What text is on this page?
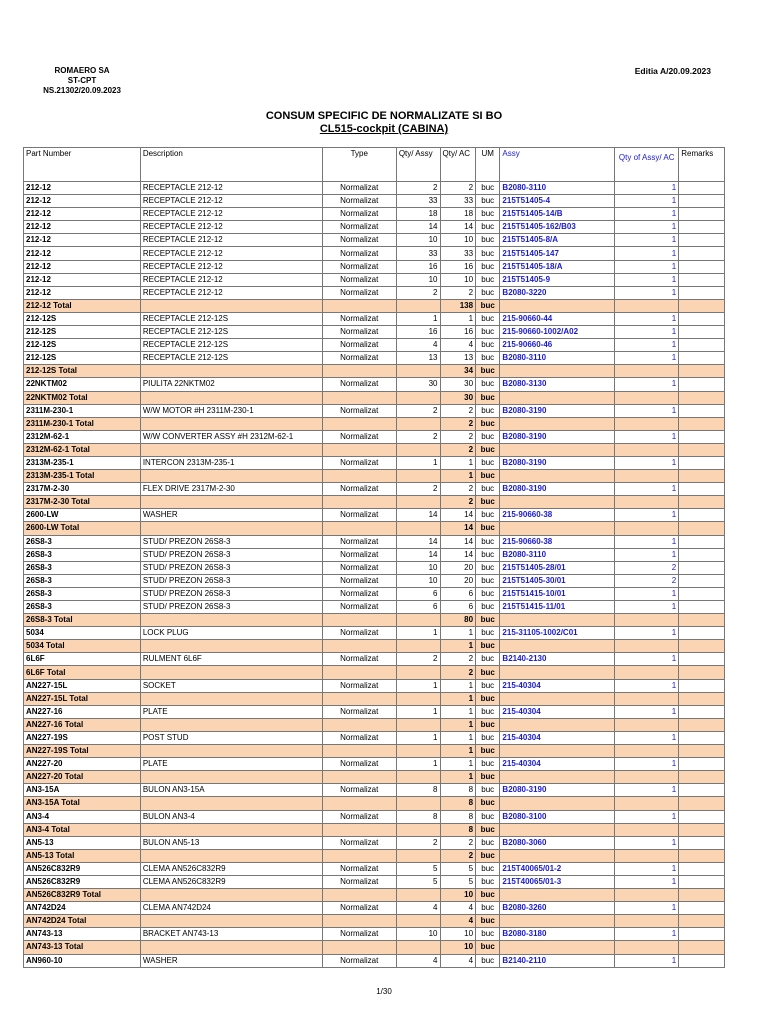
ROMAERO SA
ST-CPT
NS.21302/20.09.2023
Editia A/20.09.2023
CONSUM SPECIFIC DE NORMALIZATE SI BO
CL515-cockpit (CABINA)
Part Number	Description	Type	Qty/ Assy	Qty/ AC	UM	Assy	Qty of Assy/ AC	Remarks
212-12	RECEPTACLE 212-12	Normalizat	2	2	buc	B2080-3110	1	
212-12	RECEPTACLE 212-12	Normalizat	33	33	buc	215T51405-4	1	
212-12	RECEPTACLE 212-12	Normalizat	18	18	buc	215T51405-14/B	1	
212-12	RECEPTACLE 212-12	Normalizat	14	14	buc	215T51405-162/B03	1	
212-12	RECEPTACLE 212-12	Normalizat	10	10	buc	215T51405-8/A	1	
212-12	RECEPTACLE 212-12	Normalizat	33	33	buc	215T51405-147	1	
212-12	RECEPTACLE 212-12	Normalizat	16	16	buc	215T51405-18/A	1	
212-12	RECEPTACLE 212-12	Normalizat	10	10	buc	215T51405-9	1	
212-12	RECEPTACLE 212-12	Normalizat	2	2	buc	B2080-3220	1	
212-12 Total				138	buc			
212-12S	RECEPTACLE 212-12S	Normalizat	1	1	buc	215-90660-44	1	
212-12S	RECEPTACLE 212-12S	Normalizat	16	16	buc	215-90660-1002/A02	1	
212-12S	RECEPTACLE 212-12S	Normalizat	4	4	buc	215-90660-46	1	
212-12S	RECEPTACLE 212-12S	Normalizat	13	13	buc	B2080-3110	1	
212-12S Total				34	buc			
22NKTM02	PIULITA 22NKTM02	Normalizat	30	30	buc	B2080-3130	1	
22NKTM02 Total				30	buc			
2311M-230-1	W/W MOTOR #H 2311M-230-1	Normalizat	2	2	buc	B2080-3190	1	
2311M-230-1 Total				2	buc			
2312M-62-1	W/W CONVERTER ASSY #H 2312M-62-1	Normalizat	2	2	buc	B2080-3190	1	
2312M-62-1 Total				2	buc			
2313M-235-1	INTERCON 2313M-235-1	Normalizat	1	1	buc	B2080-3190	1	
2313M-235-1 Total				1	buc			
2317M-2-30	FLEX DRIVE 2317M-2-30	Normalizat	2	2	buc	B2080-3190	1	
2317M-2-30 Total				2	buc			
2600-LW	WASHER	Normalizat	14	14	buc	215-90660-38	1	
2600-LW Total				14	buc			
26S8-3	STUD/ PREZON 26S8-3	Normalizat	14	14	buc	215-90660-38	1	
26S8-3	STUD/ PREZON 26S8-3	Normalizat	14	14	buc	B2080-3110	1	
26S8-3	STUD/ PREZON 26S8-3	Normalizat	10	20	buc	215T51405-28/01	2	
26S8-3	STUD/ PREZON 26S8-3	Normalizat	10	20	buc	215T51405-30/01	2	
26S8-3	STUD/ PREZON 26S8-3	Normalizat	6	6	buc	215T51415-10/01	1	
26S8-3	STUD/ PREZON 26S8-3	Normalizat	6	6	buc	215T51415-11/01	1	
26S8-3 Total				80	buc			
5034	LOCK PLUG	Normalizat	1	1	buc	215-31105-1002/C01	1	
5034 Total				1	buc			
6L6F	RULMENT 6L6F	Normalizat	2	2	buc	B2140-2130	1	
6L6F Total				2	buc			
AN227-15L	SOCKET	Normalizat	1	1	buc	215-40304	1	
AN227-15L Total				1	buc			
AN227-16	PLATE	Normalizat	1	1	buc	215-40304	1	
AN227-16 Total				1	buc			
AN227-19S	POST STUD	Normalizat	1	1	buc	215-40304	1	
AN227-19S Total				1	buc			
AN227-20	PLATE	Normalizat	1	1	buc	215-40304	1	
AN227-20 Total				1	buc			
AN3-15A	BULON AN3-15A	Normalizat	8	8	buc	B2080-3190	1	
AN3-15A Total				8	buc			
AN3-4	BULON AN3-4	Normalizat	8	8	buc	B2080-3100	1	
AN3-4 Total				8	buc			
AN5-13	BULON AN5-13	Normalizat	2	2	buc	B2080-3060	1	
AN5-13 Total				2	buc			
AN526C832R9	CLEMA AN526C832R9	Normalizat	5	5	buc	215T40065/01-2	1	
AN526C832R9	CLEMA AN526C832R9	Normalizat	5	5	buc	215T40065/01-3	1	
AN526C832R9 Total				10	buc			
AN742D24	CLEMA AN742D24	Normalizat	4	4	buc	B2080-3260	1	
AN742D24 Total				4	buc			
AN743-13	BRACKET AN743-13	Normalizat	10	10	buc	B2080-3180	1	
AN743-13 Total				10	buc			
AN960-10	WASHER	Normalizat	4	4	buc	B2140-2110	1	
1/30
